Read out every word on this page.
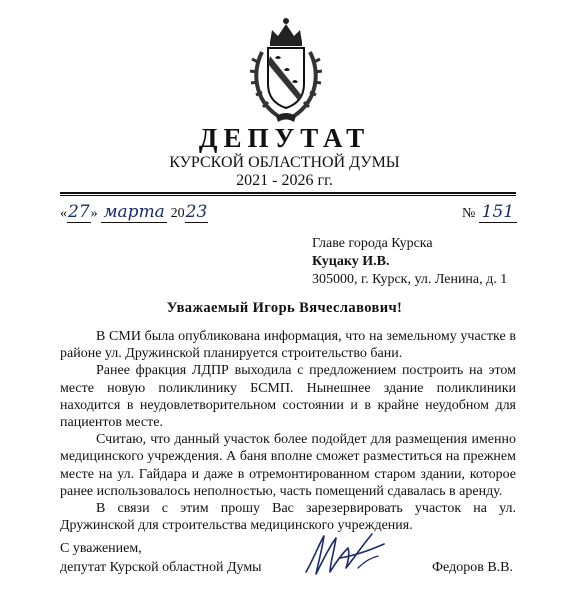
ДЕПУТАТ
КУРСКОЙ ОБЛАСТНОЙ ДУМЫ
2021 - 2026 гг.
«27» марта 2023	№ 151
Главе города Курска
Куцаку И.В.
305000, г. Курск, ул. Ленина, д. 1
Уважаемый Игорь Вячеславович!

В СМИ была опубликована информация, что на земельному участке в районе ул. Дружинской планируется строительство бани.

Ранее фракция ЛДПР выходила с предложением построить на этом месте новую поликлинику БСМП. Нынешнее здание поликлиники находится в неудовлетворительном состоянии и в крайне неудобном для пациентов месте.

Считаю, что данный участок более подойдет для размещения именно медицинского учреждения. А баня вполне сможет разместиться на прежнем месте на ул. Гайдара и даже в отремонтированном старом здании, которое ранее использовалось неполностью, часть помещений сдавалась в аренду.

В связи с этим прошу Вас зарезервировать участок на ул. Дружинской для строительства медицинского учреждения.

С уважением,
депутат Курской областной Думы	Федоров В.В.
